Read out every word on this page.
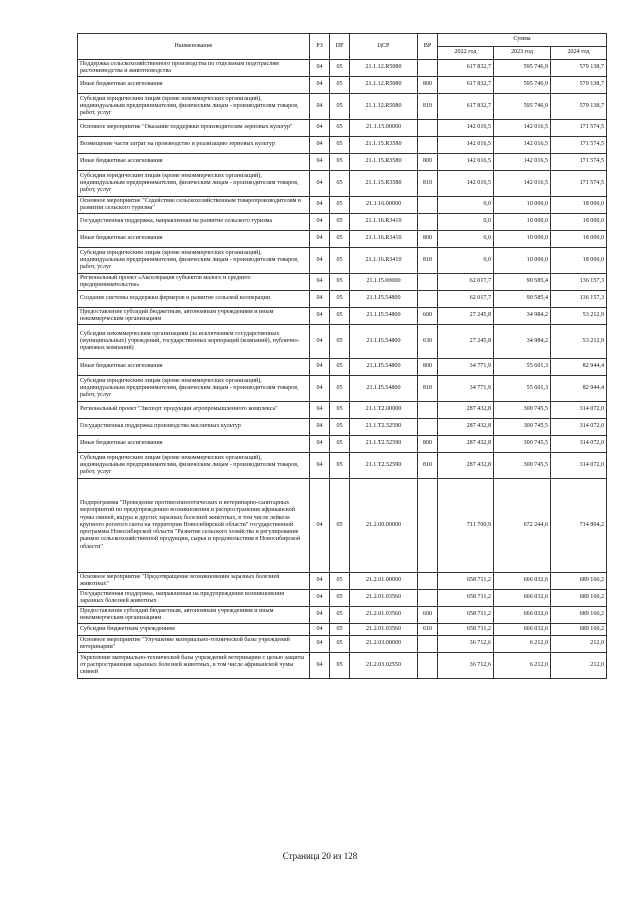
Наименование	РЗ	ПР	ЦСР	ВР	Сумма		
					2022 год	2023 год	2024 год
Поддержка сельскохозяйственного производства по отдельным подотраслям растениеводства и животноводства	04	05	21.1.12.R5080		617 832,7	595 746,9	579 138,7
Иные бюджетные ассигнования	04	05	21.1.12.R5080	800	617 832,7	595 746,9	579 138,7
Субсидии юридическим лицам (кроме некоммерческих организаций), индивидуальным предпринимателям, физическим лицам - производителям товаров, работ, услуг	04	05	21.1.12.R5080	810	617 832,7	595 746,9	579 138,7
Основное мероприятие "Оказание поддержки производителям зерновых культур"	04	05	21.1.15.00000		142 016,5	142 016,5	171 574,5
Возмещение части затрат на производство и реализацию зерновых культур	04	05	21.1.15.R3580		142 016,5	142 016,5	171 574,5
Иные бюджетные ассигнования	04	05	21.1.15.R3580	800	142 016,5	142 016,5	171 574,5
Субсидии юридическим лицам (кроме некоммерческих организаций), индивидуальным предпринимателям, физическим лицам - производителям товаров, работ, услуг	04	05	21.1.15.R3580	810	142 016,5	142 016,5	171 574,5
Основное мероприятие "Содействие сельскохозяйственным товаропроизводителям в развитии сельского туризма"	04	05	21.1.16.00000		0,0	10 000,0	18 000,0
Государственная поддержка, направленная на развитие сельского туризма	04	05	21.1.16.R3410		0,0	10 000,0	18 000,0
Иные бюджетные ассигнования	04	05	21.1.16.R3410	800	0,0	10 000,0	18 000,0
Субсидии юридическим лицам (кроме некоммерческих организаций), индивидуальным предпринимателям, физическим лицам - производителям товаров, работ, услуг	04	05	21.1.16.R3410	810	0,0	10 000,0	18 000,0
Региональный проект «Акселерация субъектов малого и среднего предпринимательства»	04	05	21.1.I5.00000		62 017,7	90 585,4	136 157,3
Создание системы поддержки фермеров и развитие сельской кооперации	04	05	21.1.I5.54800		62 017,7	90 585,4	136 157,3
Предоставление субсидий бюджетным, автономным учреждениям и иным некоммерческим организациям	04	05	21.1.I5.54800	600	27 245,8	34 984,2	53 212,9
Субсидии некоммерческим организациям (за исключением государственных (муниципальных) учреждений, государственных корпораций (компаний), публично-правовых компаний)	04	05	21.1.I5.54800	630	27 245,8	34 984,2	53 212,9
Иные бюджетные ассигнования	04	05	21.1.I5.54800	800	34 771,9	55 601,3	82 944,4
Субсидии юридическим лицам (кроме некоммерческих организаций), индивидуальным предпринимателям, физическим лицам - производителям товаров, работ, услуг	04	05	21.1.I5.54800	810	34 771,9	55 601,3	82 944,4
Региональный проект "Экспорт продукции агропромышленного комплекса"	04	05	21.1.T2.00000		287 432,8	300 745,5	314 072,0
Государственная поддержка производства масличных культур	04	05	21.1.T2.52590		287 432,8	300 745,5	314 072,0
Иные бюджетные ассигнования	04	05	21.1.T2.52590	800	287 432,8	300 745,5	314 072,0
Субсидии юридическим лицам (кроме некоммерческих организаций), индивидуальным предпринимателям, физическим лицам - производителям товаров, работ, услуг	04	05	21.1.T2.52590	810	287 432,8	300 745,5	314 072,0
Подпрограмма "Проведение противоэпизоотических и ветеринарно-санитарных мероприятий по предупреждению возникновения и распространения африканской чумы свиней, ящура и других заразных болезней животных, в том числе лейкоза крупного рогатого скота на территории Новосибирской области" государственной программы Новосибирской области "Развитие сельского хозяйства и регулирование рынков сельскохозяйственной продукции, сырья и продовольствия в Новосибирской области"	04	05	21.2.00.00000		711 700,9	672 244,6	714 864,2
Основное мероприятие "Предотвращение возникновения заразных болезней животных"	04	05	21.2.01.00000		658 711,2	666 032,6	689 160,2
Государственная поддержка, направленная на предупреждение возникновения заразных болезней животных	04	05	21.2.01.03560		658 711,2	666 032,6	689 160,2
Предоставление субсидий бюджетным, автономным учреждениям и иным некоммерческим организациям	04	05	21.2.01.03560	600	658 711,2	666 032,6	689 160,2
Субсидии бюджетным учреждениям	04	05	21.2.01.03560	610	658 711,2	666 032,6	689 160,2
Основное мероприятие "Улучшение материально-технической базы учреждений ветеринарии"	04	05	21.2.03.00000		36 712,6	6 212,0	212,0
Укрепление материально-технической базы учреждений ветеринарии с целью защиты от распространения заразных болезней животных, в том числе африканской чумы свиней	04	05	21.2.03.02550		36 712,6	6 212,0	212,0
Страница 20 из 128
